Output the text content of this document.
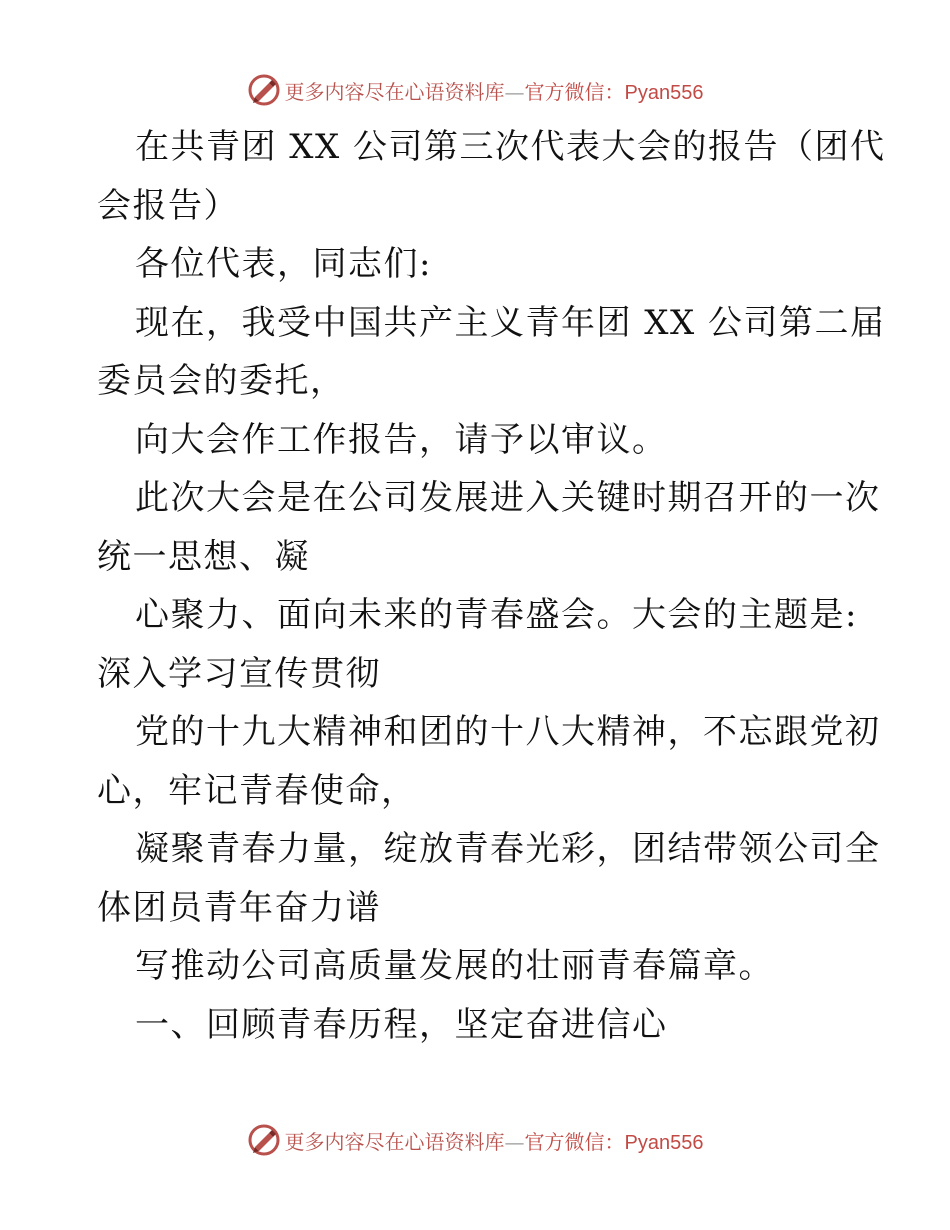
更多内容尽在心语资料库—官方微信：Pyan556
在共青团 XX 公司第三次代表大会的报告（团代
会报告）
各位代表，同志们:
现在，我受中国共产主义青年团 XX 公司第二届
委员会的委托，
向大会作工作报告，请予以审议。
此次大会是在公司发展进入关键时期召开的一次
统一思想、凝
心聚力、面向未来的青春盛会。大会的主题是:
深入学习宣传贯彻
党的十九大精神和团的十八大精神，不忘跟党初
心，牢记青春使命，
凝聚青春力量，绽放青春光彩，团结带领公司全
体团员青年奋力谱
写推动公司高质量发展的壮丽青春篇章。
一、回顾青春历程，坚定奋进信心
更多内容尽在心语资料库—官方微信：Pyan556
